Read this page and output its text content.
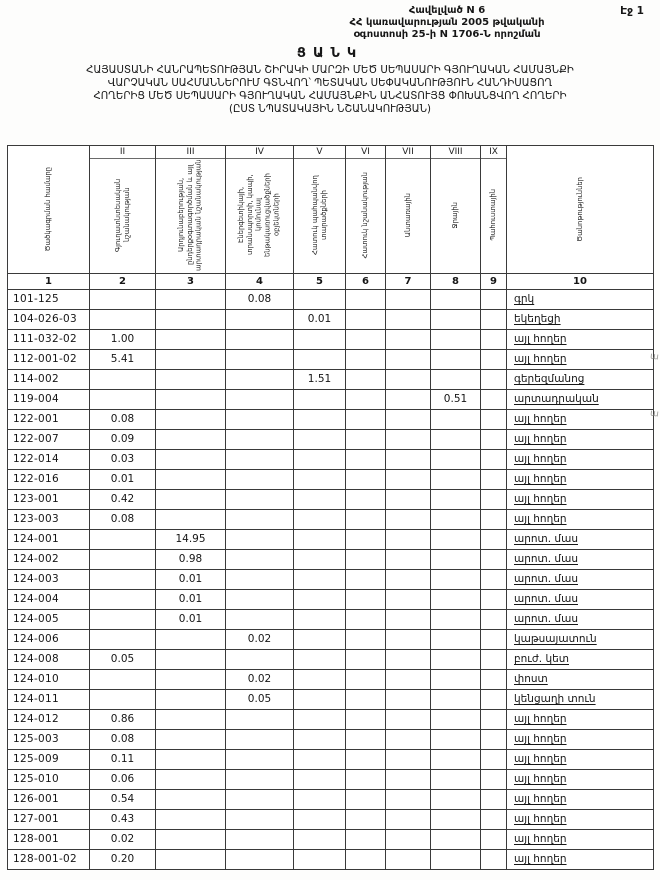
Էջ 1
Հավելված N 6
ՀՀ կառավարության 2005 թվականի
օգոստոսի 25-ի N 1706-Ն որոշման
ՑԱՆԿ
ՀԱՅԱՍՏԱՆԻ ՀԱՆՐԱՊԵՏՈՒԹՅԱՆ ՇԻՐԱԿԻ ՄԱՐԶԻ ՄԵԾ ՍԵՊԱՍԱՐԻ ԳՅՈՒՂԱԿԱՆ ՀԱՄԱՅՆՔԻ
ՎԱՐՉԱԿԱՆ ՍԱՀՄԱՆՆԵՐՈՒՄ ԳՏՆՎՈՂ՝ ՊԵՏԱԿԱՆ ՍԵՓԱԿԱՆՈՒԹՅՈՒՆ ՀԱՆԴԻՍԱՑՈՂ
ՀՈՂԵՐԻՑ ՄԵԾ ՍԵՊԱՍԱՐԻ ԳՅՈՒՂԱԿԱՆ ՀԱՄԱՅՆՔԻՆ ԱՆՀԱՏՈՒՅՑ ՓՈԽԱՆՑՎՈՂ ՀՈՂԵՐԻ
(ԸՍՏ ՆՊԱՏԱԿԱՅԻՆ ՆՇԱՆԱԿՈՒԹՅԱՆ)
Ծածկագրման համարը

II
Գյուղատնտեսական նշանակության

III
Արդյունաբերության, ընդերքօգտագործման և այլ արտադրական նշանակության

IV
Էներգետիկայի, տրանսպորտի, կապի, կոմունալ ենթակառուցվածքների օբյեկտների

V
Հատուկ պահպանվող տարածքների

VI
Հատուկ նշանակության

VII
Անտառային

VIII
Ջրային

IX
Պահուստային	Ծանոթություններ

1	2	3	4	5	6	7	8	9	10
101-125			0.08						գրկ
104-026-03				0.01					եկեղեցի
111-032-02	1.00								այլ հողեր
112-001-02	5.41								այլ հողեր
114-002				1.51					գերեզմանոց
119-004							0.51		արտադրական
122-001	0.08								այլ հողեր
122-007	0.09								այլ հողեր
122-014	0.03								այլ հողեր
122-016	0.01								այլ հողեր
123-001	0.42								այլ հողեր
123-003	0.08								այլ հողեր
124-001		14.95							արոտ. մաս
124-002		0.98							արոտ. մաս
124-003		0.01							արոտ. մաս
124-004		0.01							արոտ. մաս
124-005		0.01							արոտ. մաս
124-006			0.02						կաթսայատուն
124-008	0.05								բուժ. կետ
124-010			0.02						փոստ
124-011			0.05						կենցաղի տուն
124-012	0.86								այլ հողեր
125-003	0.08								այլ հողեր
125-009	0.11								այլ հողեր
125-010	0.06								այլ հողեր
126-001	0.54								այլ հողեր
127-001	0.43								այլ հողեր
128-001	0.02								այլ հողեր
128-001-02	0.20								այլ հողեր
ա
ա
